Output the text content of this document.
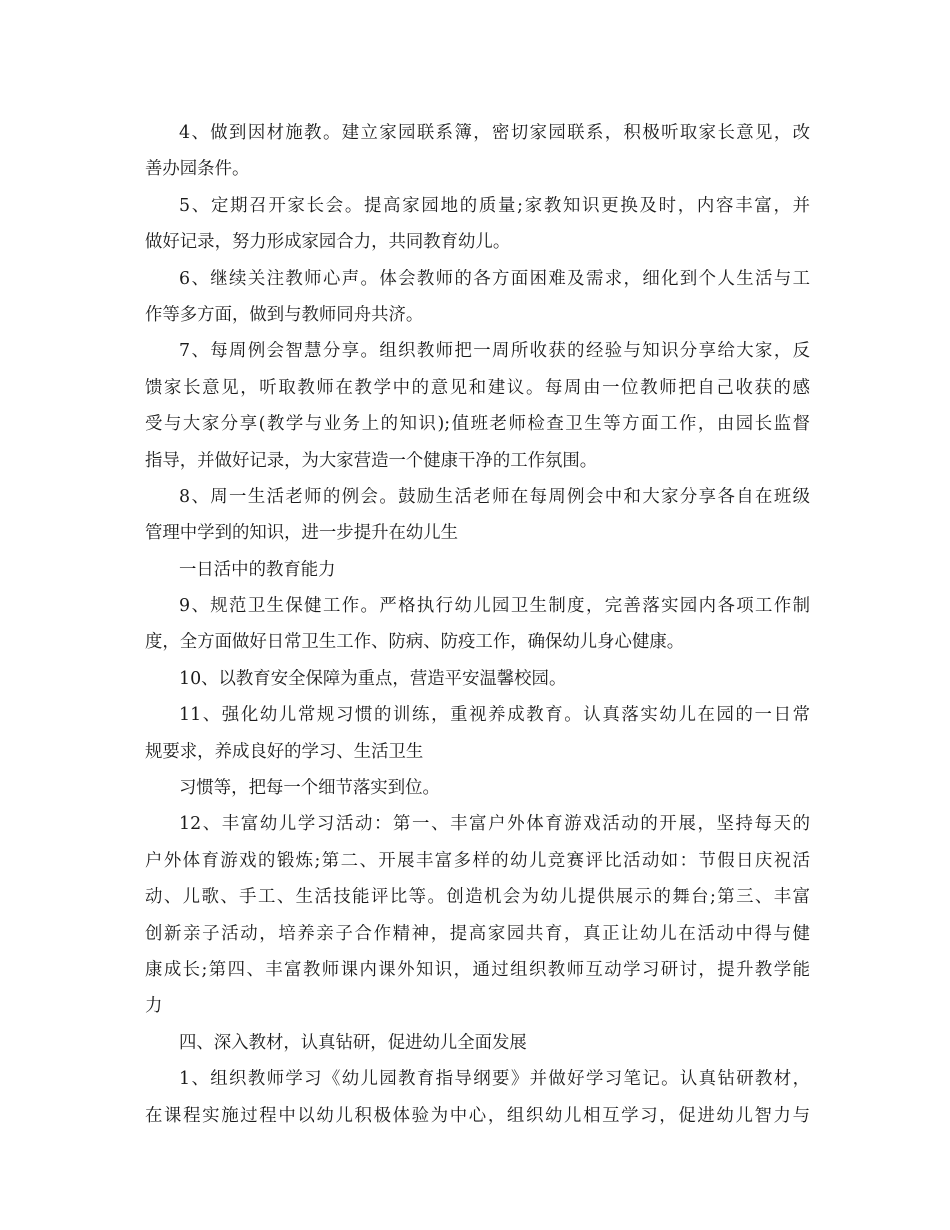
4、做到因材施教。建立家园联系簿，密切家园联系，积极听取家长意见，改
善办园条件。
5、定期召开家长会。提高家园地的质量;家教知识更换及时，内容丰富，并
做好记录，努力形成家园合力，共同教育幼儿。
6、继续关注教师心声。体会教师的各方面困难及需求，细化到个人生活与工
作等多方面，做到与教师同舟共济。
7、每周例会智慧分享。组织教师把一周所收获的经验与知识分享给大家，反
馈家长意见，听取教师在教学中的意见和建议。每周由一位教师把自己收获的感
受与大家分享(教学与业务上的知识);值班老师检查卫生等方面工作，由园长监督
指导，并做好记录，为大家营造一个健康干净的工作氛围。
8、周一生活老师的例会。鼓励生活老师在每周例会中和大家分享各自在班级
管理中学到的知识，进一步提升在幼儿生
一日活中的教育能力
9、规范卫生保健工作。严格执行幼儿园卫生制度，完善落实园内各项工作制
度，全方面做好日常卫生工作、防病、防疫工作，确保幼儿身心健康。
10、以教育安全保障为重点，营造平安温馨校园。
11、强化幼儿常规习惯的训练，重视养成教育。认真落实幼儿在园的一日常
规要求，养成良好的学习、生活卫生
习惯等，把每一个细节落实到位。
12、丰富幼儿学习活动：第一、丰富户外体育游戏活动的开展，坚持每天的
户外体育游戏的锻炼;第二、开展丰富多样的幼儿竞赛评比活动如：节假日庆祝活
动、儿歌、手工、生活技能评比等。创造机会为幼儿提供展示的舞台;第三、丰富
创新亲子活动，培养亲子合作精神，提高家园共育，真正让幼儿在活动中得与健
康成长;第四、丰富教师课内课外知识，通过组织教师互动学习研讨，提升教学能
力
四、深入教材，认真钻研，促进幼儿全面发展
1、组织教师学习《幼儿园教育指导纲要》并做好学习笔记。认真钻研教材，
在课程实施过程中以幼儿积极体验为中心，组织幼儿相互学习，促进幼儿智力与
